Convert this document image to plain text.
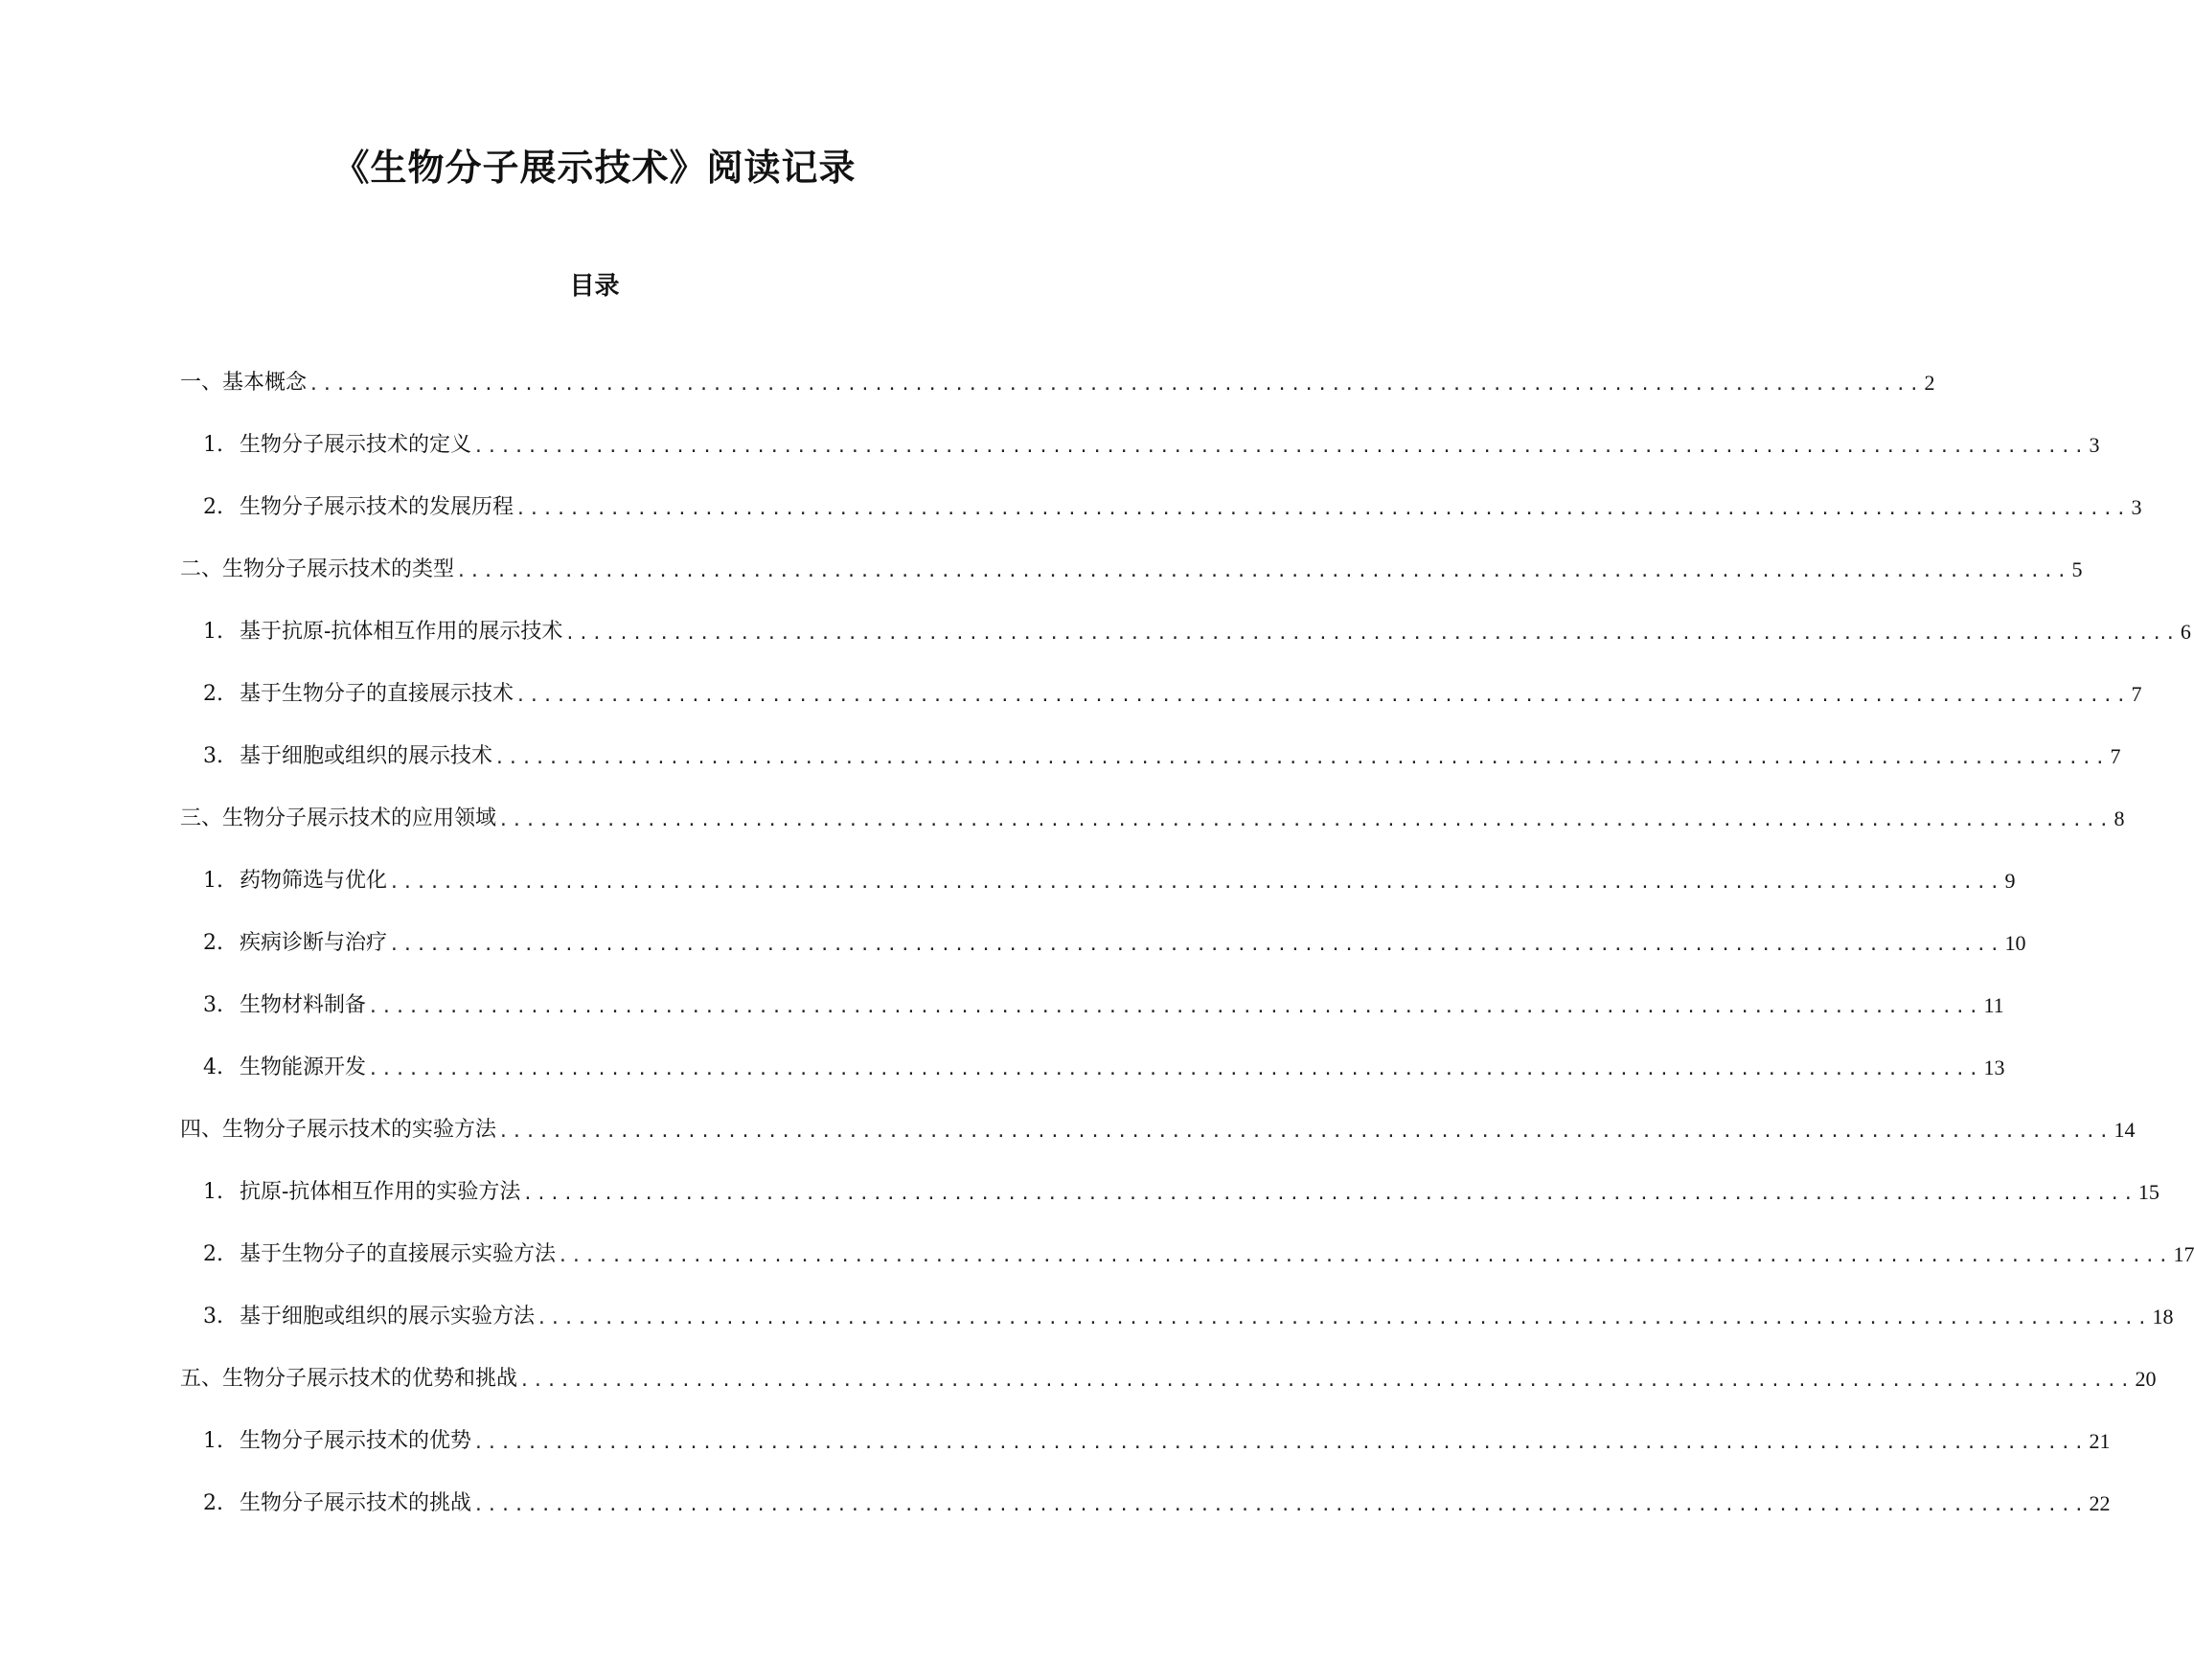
《生物分子展示技术》阅读记录
目录
一、基本概念 ........................................................................................................................ 2
1. 生物分子展示技术的定义 ........................................................................................................................ 3
2. 生物分子展示技术的发展历程 ........................................................................................................................ 3
二、生物分子展示技术的类型 ........................................................................................................................ 5
1. 基于抗原-抗体相互作用的展示技术 ........................................................................................................................ 6
2. 基于生物分子的直接展示技术 ........................................................................................................................ 7
3. 基于细胞或组织的展示技术 ........................................................................................................................ 7
三、生物分子展示技术的应用领域 ........................................................................................................................ 8
1. 药物筛选与优化 ........................................................................................................................ 9
2. 疾病诊断与治疗 ........................................................................................................................ 10
3. 生物材料制备 ........................................................................................................................ 11
4. 生物能源开发 ........................................................................................................................ 13
四、生物分子展示技术的实验方法 ........................................................................................................................ 14
1. 抗原-抗体相互作用的实验方法 ........................................................................................................................ 15
2. 基于生物分子的直接展示实验方法 ........................................................................................................................ 17
3. 基于细胞或组织的展示实验方法 ........................................................................................................................ 18
五、生物分子展示技术的优势和挑战 ........................................................................................................................ 20
1. 生物分子展示技术的优势 ........................................................................................................................ 21
2. 生物分子展示技术的挑战 ........................................................................................................................ 22
